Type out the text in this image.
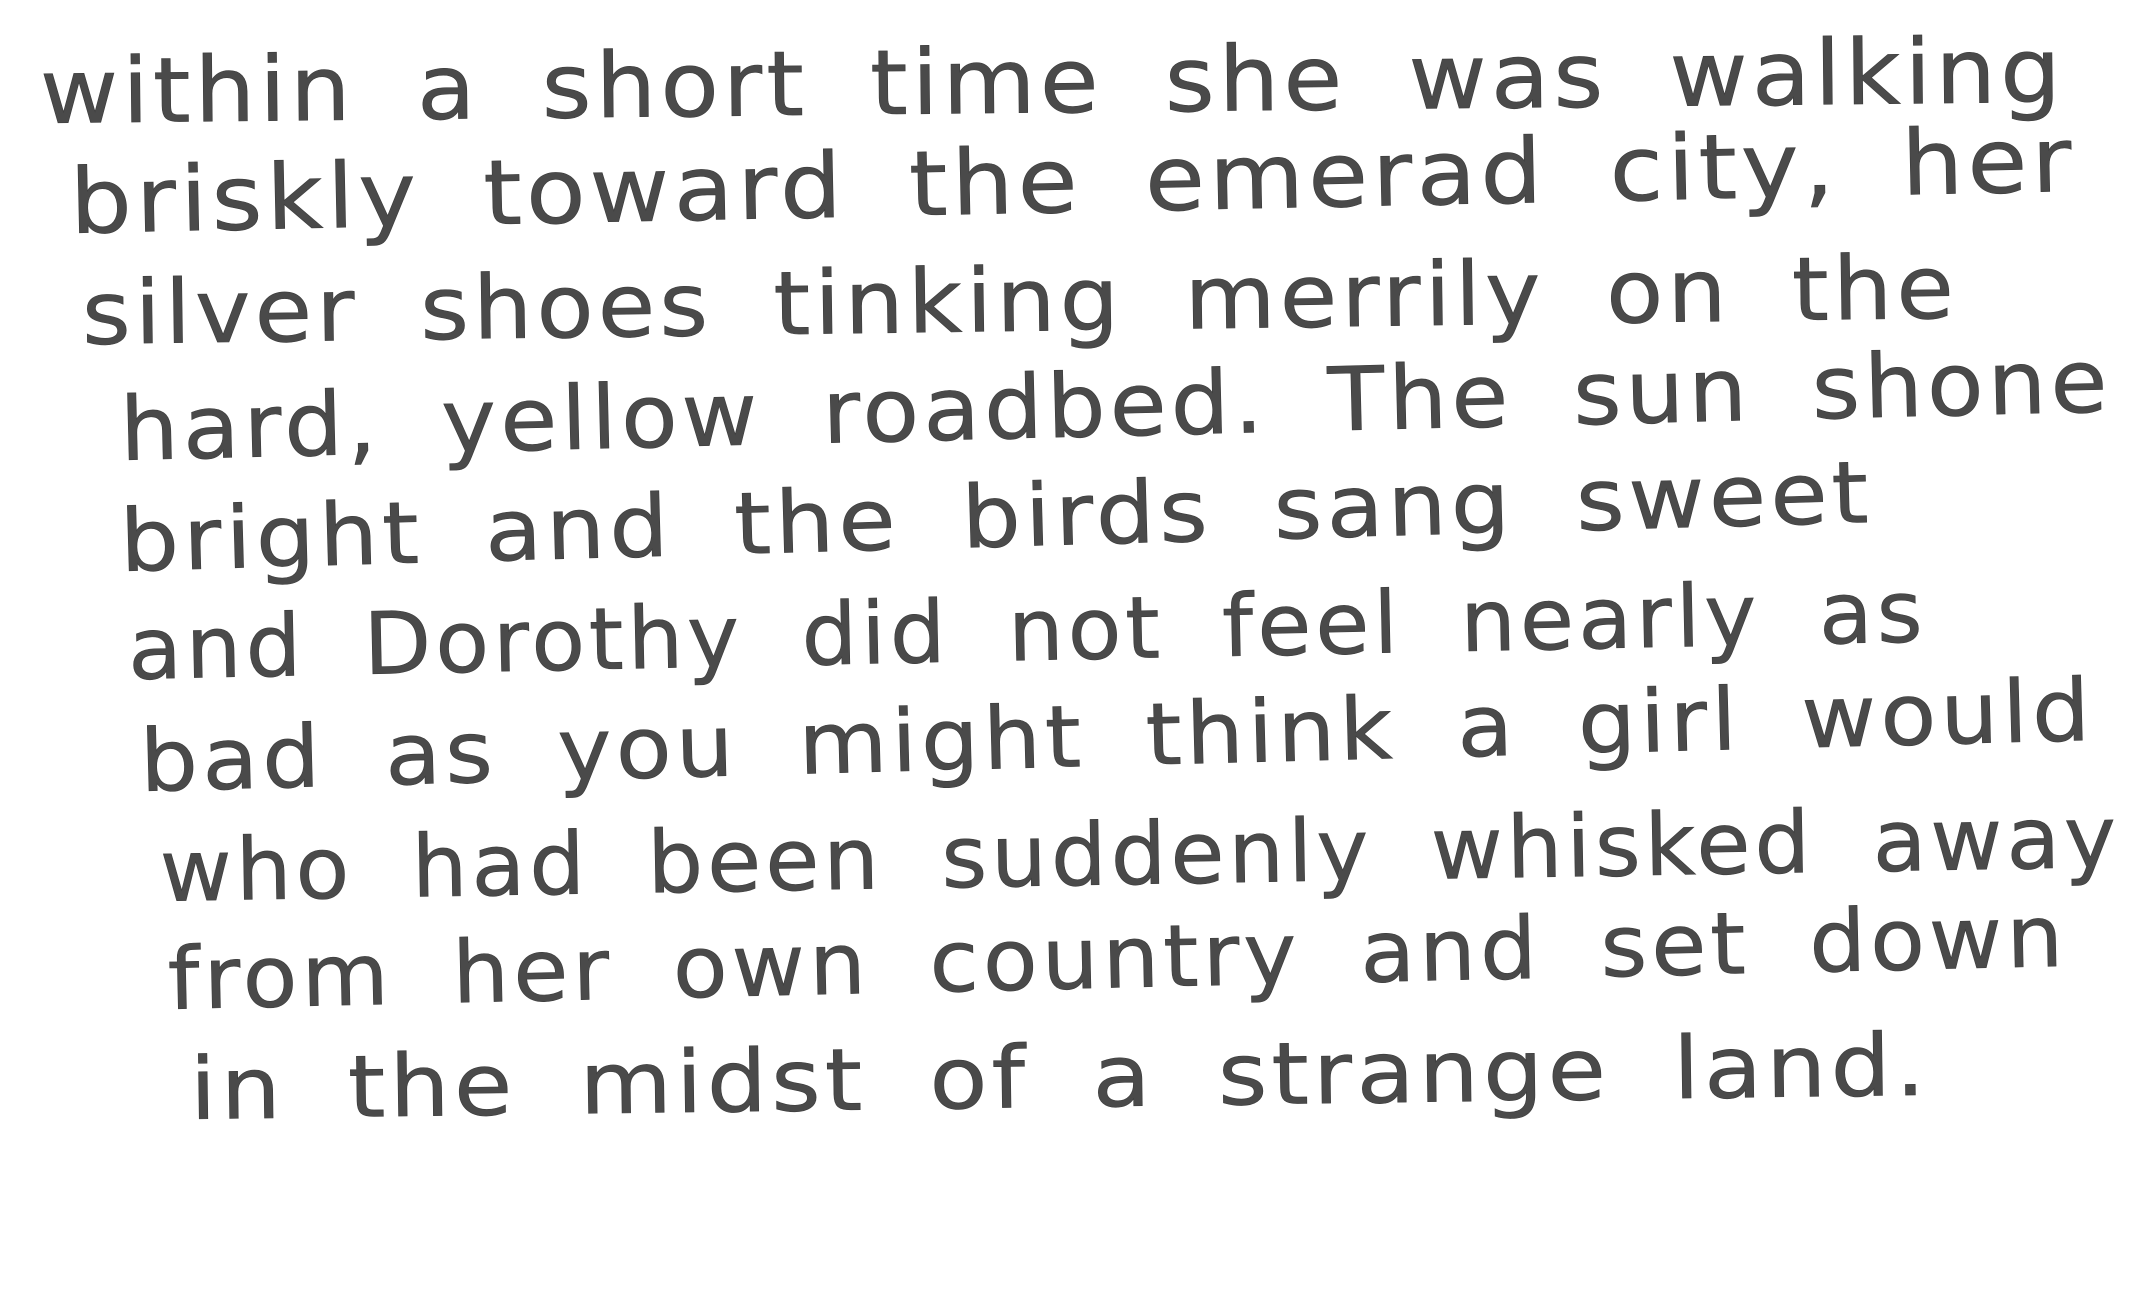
within a short time she was walking
briskly toward the emerad city, her
silver shoes tinking merrily on the
hard, yellow roadbed. The sun shone
bright and the birds sang sweet
and Dorothy did not feel nearly as
bad as you might think a girl would
who had been suddenly whisked away
from her own country and set down
in the midst of a strange land.
